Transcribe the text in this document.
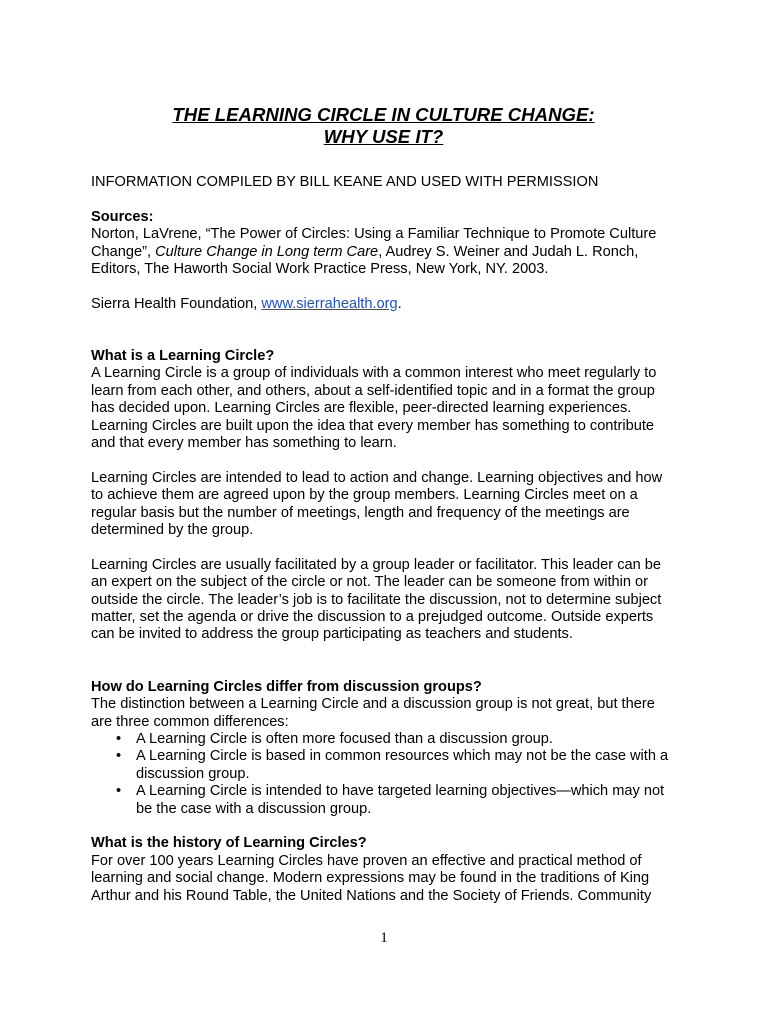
THE LEARNING CIRCLE IN CULTURE CHANGE:
WHY USE IT?

INFORMATION COMPILED BY BILL KEANE AND USED WITH PERMISSION

Sources:

Norton, LaVrene, “The Power of Circles: Using a Familiar Technique to Promote Culture Change”, Culture Change in Long term Care, Audrey S. Weiner and Judah L. Ronch, Editors, The Haworth Social Work Practice Press, New York, NY. 2003.

Sierra Health Foundation, www.sierrahealth.org.

What is a Learning Circle?

A Learning Circle is a group of individuals with a common interest who meet regularly to learn from each other, and others, about a self-identified topic and in a format the group has decided upon. Learning Circles are flexible, peer-directed learning experiences. Learning Circles are built upon the idea that every member has something to contribute and that every member has something to learn.

Learning Circles are intended to lead to action and change. Learning objectives and how to achieve them are agreed upon by the group members. Learning Circles meet on a regular basis but the number of meetings, length and frequency of the meetings are determined by the group.

Learning Circles are usually facilitated by a group leader or facilitator. This leader can be an expert on the subject of the circle or not. The leader can be someone from within or outside the circle. The leader’s job is to facilitate the discussion, not to determine subject matter, set the agenda or drive the discussion to a prejudged outcome. Outside experts can be invited to address the group participating as teachers and students.

How do Learning Circles differ from discussion groups?

The distinction between a Learning Circle and a discussion group is not great, but there are three common differences:

• A Learning Circle is often more focused than a discussion group.
• A Learning Circle is based in common resources which may not be the case with a discussion group.
• A Learning Circle is intended to have targeted learning objectives—which may not be the case with a discussion group.

What is the history of Learning Circles?

For over 100 years Learning Circles have proven an effective and practical method of learning and social change. Modern expressions may be found in the traditions of King Arthur and his Round Table, the United Nations and the Society of Friends. Community

1
